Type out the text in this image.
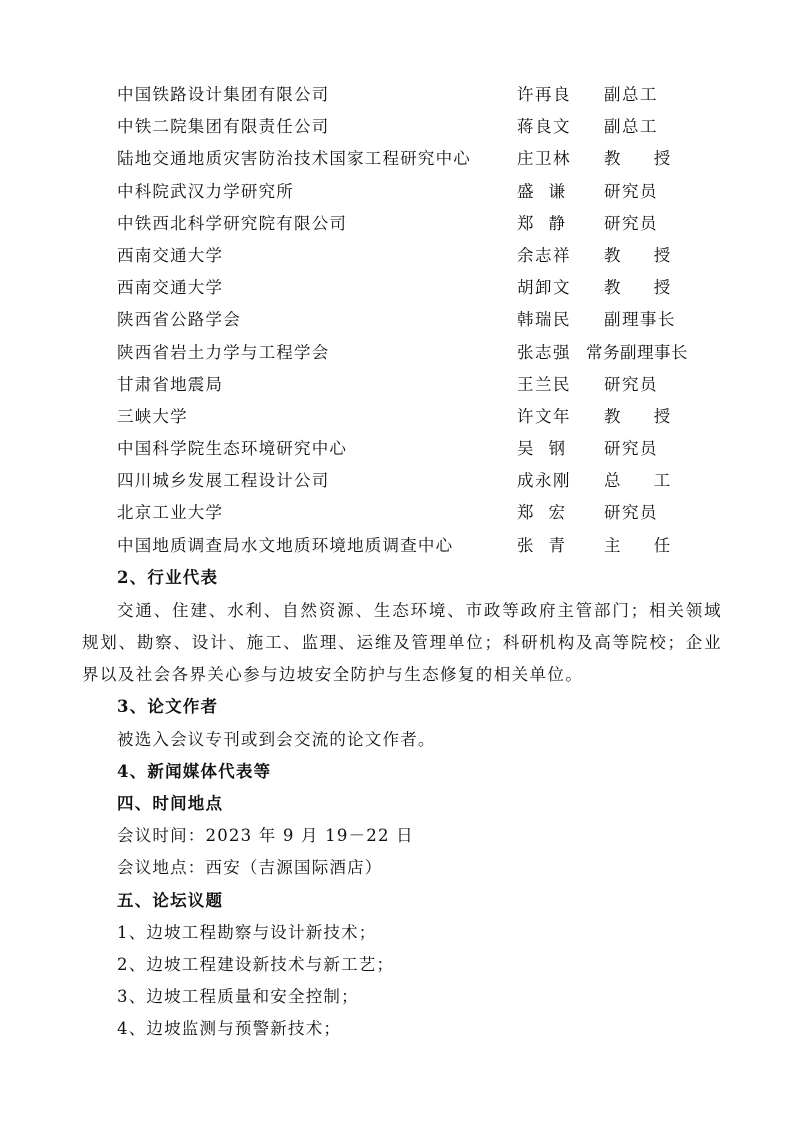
中国铁路设计集团有限公司	许再良 副总工
中铁二院集团有限责任公司	蒋良文 副总工
陆地交通地质灾害防治技术国家工程研究中心	庄卫林 教 授
中科院武汉力学研究所	盛  谦 研究员
中铁西北科学研究院有限公司	郑  静 研究员
西南交通大学	余志祥 教 授
西南交通大学	胡卸文 教 授
陕西省公路学会	韩瑞民 副理事长
陕西省岩土力学与工程学会	张志强 常务副理事长
甘肃省地震局	王兰民 研究员
三峡大学	许文年 教 授
中国科学院生态环境研究中心	吴  钢 研究员
四川城乡发展工程设计公司	成永刚 总 工
北京工业大学	郑  宏 研究员
中国地质调查局水文地质环境地质调查中心	张  青 主 任
2、行业代表
交通、住建、水利、自然资源、生态环境、市政等政府主管部门；相关领域规划、勘察、设计、施工、监理、运维及管理单位；科研机构及高等院校；企业界以及社会各界关心参与边坡安全防护与生态修复的相关单位。
3、论文作者
被选入会议专刊或到会交流的论文作者。
4、新闻媒体代表等
四、时间地点
会议时间：2023 年 9 月 19－22 日
会议地点：西安（吉源国际酒店）
五、论坛议题
1、边坡工程勘察与设计新技术；
2、边坡工程建设新技术与新工艺；
3、边坡工程质量和安全控制；
4、边坡监测与预警新技术；
